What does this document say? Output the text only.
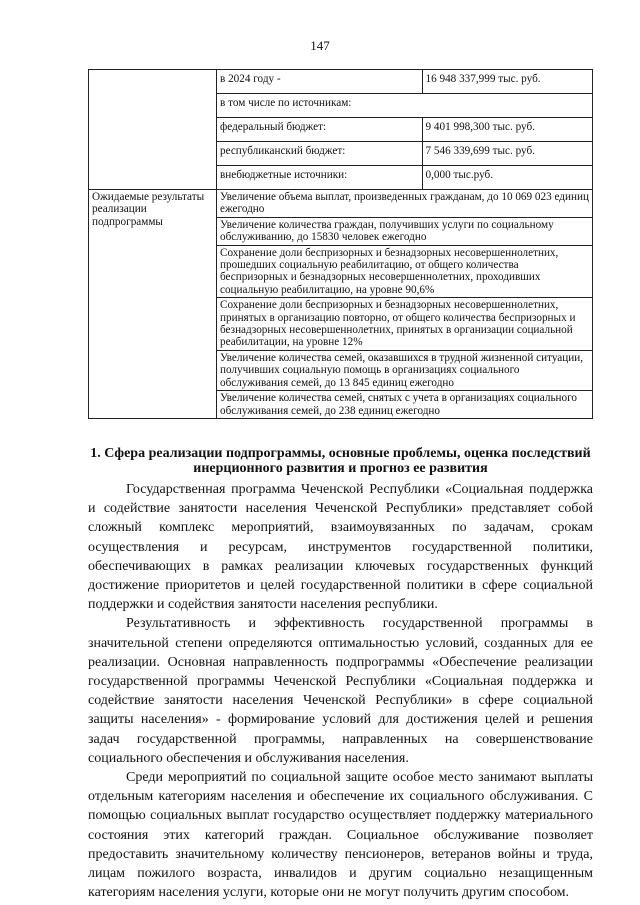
147

в 2024 году -	16 948 337,999 тыс. руб.
в том числе по источникам:
федеральный бюджет:	9 401 998,300 тыс. руб.
республиканский бюджет:	7 546 339,699 тыс. руб.
внебюджетные источники:	0,000 тыс.руб.

Ожидаемые результаты реализации подпрограммы	
Увеличение объема выплат, произведенных гражданам, до 10 069 023 единиц ежегодно
Увеличение количества граждан, получивших услуги по социальному обслуживанию, до 15830 человек ежегодно
Сохранение доли беспризорных и безнадзорных несовершеннолетних, прошедших социальную реабилитацию, от общего количества беспризорных и безнадзорных несовершеннолетних, проходивших социальную реабилитацию, на уровне 90,6%
Сохранение доли беспризорных и безнадзорных несовершеннолетних, принятых в организацию повторно, от общего количества беспризорных и безнадзорных несовершеннолетних, принятых в организации социальной реабилитации, на уровне 12%
Увеличение количества семей, оказавшихся в трудной жизненной ситуации, получивших социальную помощь в организациях социального обслуживания семей, до 13 845 единиц ежегодно
Увеличение количества семей, снятых с учета в организациях социального обслуживания семей, до 238 единиц ежегодно
1. Сфера реализации подпрограммы, основные проблемы, оценка последствий инерционного развития и прогноз ее развития

Государственная программа Чеченской Республики «Социальная поддержка и содействие занятости населения Чеченской Республики» представляет собой сложный комплекс мероприятий, взаимоувязанных по задачам, срокам осуществления и ресурсам, инструментов государственной политики, обеспечивающих в рамках реализации ключевых государственных функций достижение приоритетов и целей государственной политики в сфере социальной поддержки и содействия занятости населения республики.

Результативность и эффективность государственной программы в значительной степени определяются оптимальностью условий, созданных для ее реализации. Основная направленность подпрограммы «Обеспечение реализации государственной программы Чеченской Республики «Социальная поддержка и содействие занятости населения Чеченской Республики» в сфере социальной защиты населения» - формирование условий для достижения целей и решения задач государственной программы, направленных на совершенствование социального обеспечения и обслуживания населения.

Среди мероприятий по социальной защите особое место занимают выплаты отдельным категориям населения и обеспечение их социального обслуживания. С помощью социальных выплат государство осуществляет поддержку материального состояния этих категорий граждан. Социальное обслуживание позволяет предоставить значительному количеству пенсионеров, ветеранов войны и труда, лицам пожилого возраста, инвалидов и другим социально незащищенным категориям населения услуги, которые они не могут получить другим способом.
